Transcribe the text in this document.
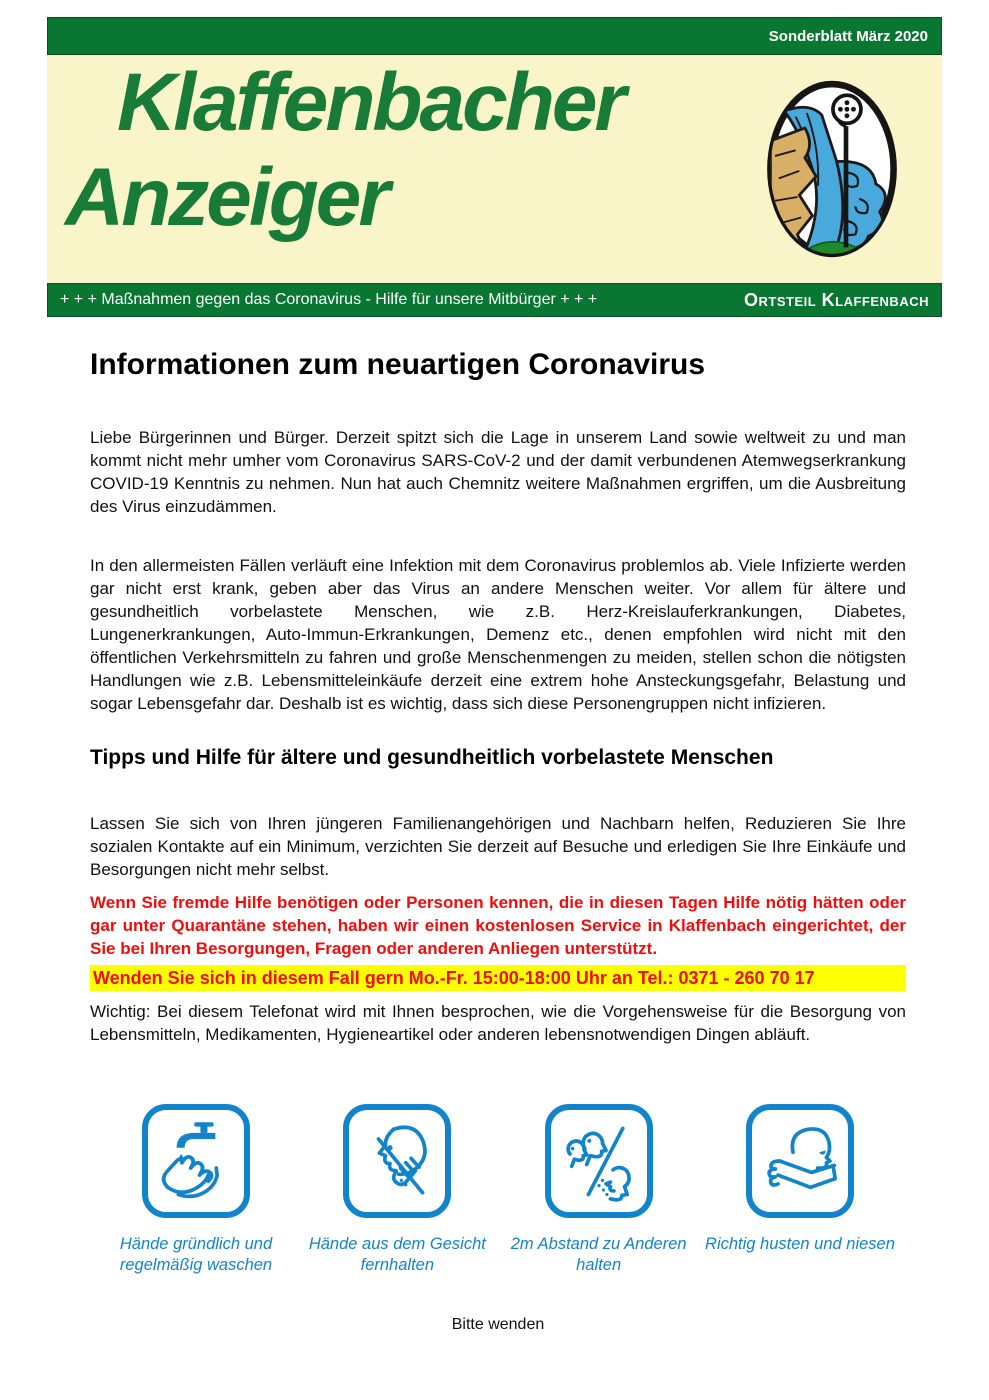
Sonderblatt März 2020
Klaffenbacher
Anzeiger
+ + + Maßnahmen gegen das Coronavirus - Hilfe für unsere Mitbürger + + +	Ortsteil Klaffenbach
Informationen zum neuartigen Coronavirus

Liebe Bürgerinnen und Bürger. Derzeit spitzt sich die Lage in unserem Land sowie weltweit zu und man kommt nicht mehr umher vom Coronavirus SARS-CoV-2 und der damit verbundenen Atemwegserkrankung COVID-19 Kenntnis zu nehmen. Nun hat auch Chemnitz weitere Maßnahmen ergriffen, um die Ausbreitung des Virus einzudämmen.

In den allermeisten Fällen verläuft eine Infektion mit dem Coronavirus problemlos ab. Viele Infizierte werden gar nicht erst krank, geben aber das Virus an andere Menschen weiter. Vor allem für ältere und gesundheitlich vorbelastete Menschen, wie z.B. Herz-Kreislauferkrankungen, Diabetes, Lungenerkrankungen, Auto-Immun-Erkrankungen, Demenz etc., denen empfohlen wird nicht mit den öffentlichen Verkehrsmitteln zu fahren und große Menschenmengen zu meiden, stellen schon die nötigsten Handlungen wie z.B. Lebensmitteleinkäufe derzeit eine extrem hohe Ansteckungsgefahr, Belastung und sogar Lebensgefahr dar. Deshalb ist es wichtig, dass sich diese Personengruppen nicht infizieren.

Tipps und Hilfe für ältere und gesundheitlich vorbelastete Menschen

Lassen Sie sich von Ihren jüngeren Familienangehörigen und Nachbarn helfen, Reduzieren Sie Ihre sozialen Kontakte auf ein Minimum, verzichten Sie derzeit auf Besuche und erledigen Sie Ihre Einkäufe und Besorgungen nicht mehr selbst.

Wenn Sie fremde Hilfe benötigen oder Personen kennen, die in diesen Tagen Hilfe nötig hätten oder gar unter Quarantäne stehen, haben wir einen kostenlosen Service in Klaffenbach eingerichtet, der Sie bei Ihren Besorgungen, Fragen oder anderen Anliegen unterstützt.

Wenden Sie sich in diesem Fall gern Mo.-Fr. 15:00-18:00 Uhr an Tel.: 0371 - 260 70 17

Wichtig: Bei diesem Telefonat wird mit Ihnen besprochen, wie die Vorgehensweise für die Besorgung von Lebensmitteln, Medikamenten, Hygieneartikel oder anderen lebensnotwendigen Dingen abläuft.

Hände gründlich und regelmäßig waschen
Hände aus dem Gesicht fernhalten
2m Abstand zu Anderen halten
Richtig husten und niesen
Bitte wenden
